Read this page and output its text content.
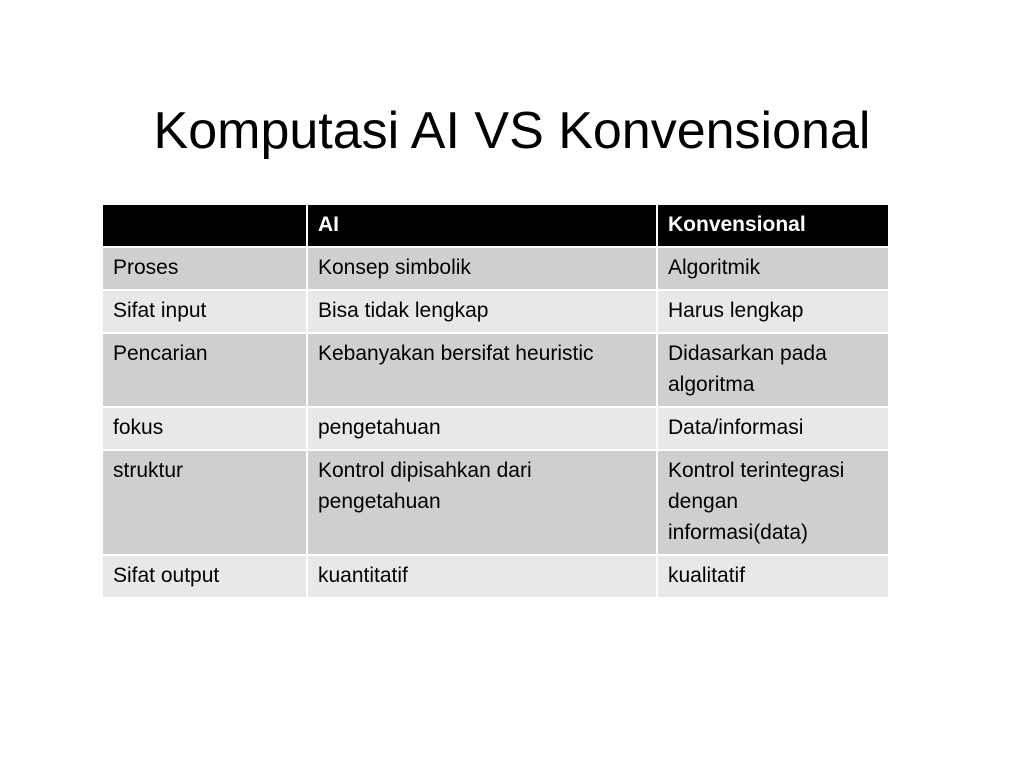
Komputasi AI VS Konvensional
	AI	Konvensional
Proses	Konsep simbolik	Algoritmik
Sifat input	Bisa tidak lengkap	Harus lengkap
Pencarian	Kebanyakan bersifat heuristic	Didasarkan pada algoritma
fokus	pengetahuan	Data/informasi
struktur	Kontrol dipisahkan dari pengetahuan	Kontrol terintegrasi dengan informasi(data)
Sifat output	kuantitatif	kualitatif
